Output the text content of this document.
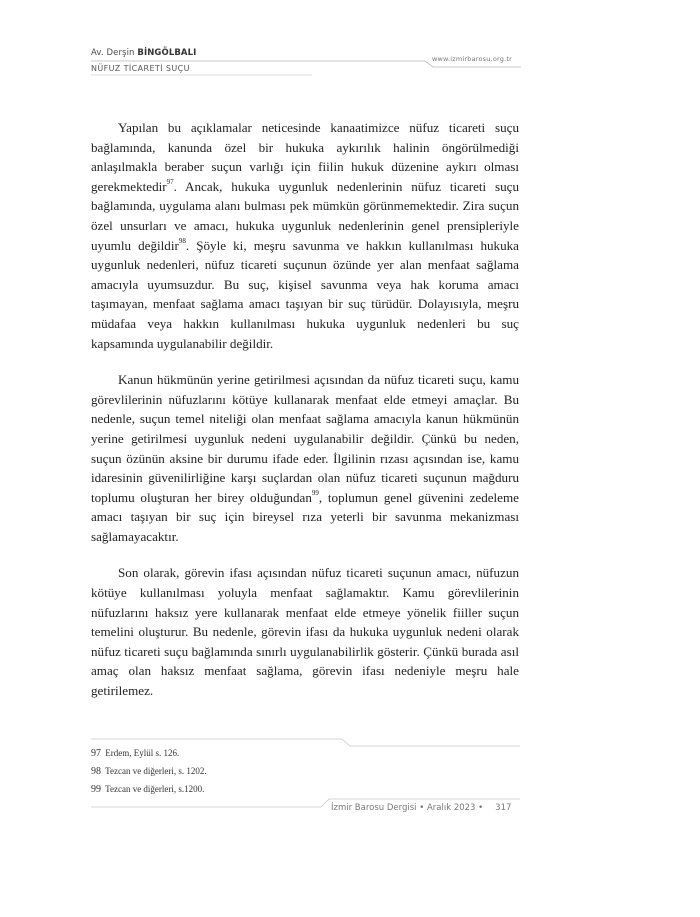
Av. Derşin BİNGÖLBALI
NÜFUZ TİCARETİ SUÇU
www.izmirbarosu.org.tr

Yapılan bu açıklamalar neticesinde kanaatimizce nüfuz ticareti suçu bağlamında, kanunda özel bir hukuka aykırılık halinin öngörülmediği anlaşılmakla beraber suçun varlığı için fiilin hukuk düzenine aykırı olması gerekmektedir$^{97}$. Ancak, hukuka uygunluk nedenlerinin nüfuz ticareti suçu bağlamında, uygulama alanı bulması pek mümkün görünmemektedir. Zira suçun özel unsurları ve amacı, hukuka uygunluk nedenlerinin genel prensipleriyle uyumlu değildir$^{98}$. Şöyle ki, meşru savunma ve hakkın kullanılması hukuka uygunluk nedenleri, nüfuz ticareti suçunun özünde yer alan menfaat sağlama amacıyla uyumsuzdur. Bu suç, kişisel savunma veya hak koruma amacı taşımayan, menfaat sağlama amacı taşıyan bir suç türüdür. Dolayısıyla, meşru müdafaa veya hakkın kullanılması hukuka uygunluk nedenleri bu suç kapsamında uygulanabilir değildir.

Kanun hükmünün yerine getirilmesi açısından da nüfuz ticareti suçu, kamu görevlilerinin nüfuzlarını kötüye kullanarak menfaat elde etmeyi amaçlar. Bu nedenle, suçun temel niteliği olan menfaat sağlama amacıyla kanun hükmünün yerine getirilmesi uygunluk nedeni uygulanabilir değildir. Çünkü bu neden, suçun özünün aksine bir durumu ifade eder. İlgilinin rızası açısından ise, kamu idaresinin güvenilirliğine karşı suçlardan olan nüfuz ticareti suçunun mağduru toplumu oluşturan her birey olduğundan$^{99}$, toplumun genel güvenini zedeleme amacı taşıyan bir suç için bireysel rıza yeterli bir savunma mekanizması sağlamayacaktır.

Son olarak, görevin ifası açısından nüfuz ticareti suçunun amacı, nüfuzun kötüye kullanılması yoluyla menfaat sağlamaktır. Kamu görevlilerinin nüfuzlarını haksız yere kullanarak menfaat elde etmeye yönelik fiiller suçun temelini oluşturur. Bu nedenle, görevin ifası da hukuka uygunluk nedeni olarak nüfuz ticareti suçu bağlamında sınırlı uygulanabilirlik gösterir. Çünkü burada asıl amaç olan haksız menfaat sağlama, görevin ifası nedeniyle meşru hale getirilemez.

97 Erdem, Eylül s. 126.
98 Tezcan ve diğerleri, s. 1202.
99 Tezcan ve diğerleri, s.1200.
İzmir Barosu Dergisi • Aralık 2023 • 317
